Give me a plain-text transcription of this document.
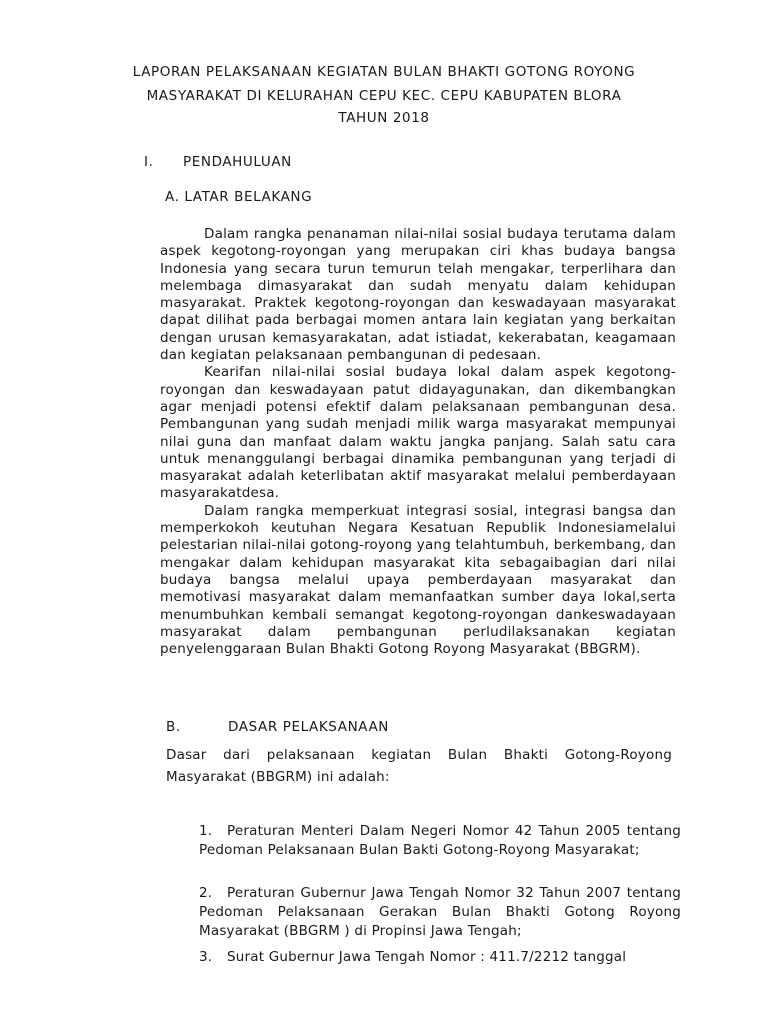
LAPORAN PELAKSANAAN KEGIATAN BULAN BHAKTI GOTONG ROYONG
MASYARAKAT DI KELURAHAN CEPU KEC. CEPU KABUPATEN BLORA
TAHUN 2018
I. PENDAHULUAN
A. LATAR BELAKANG

Dalam rangka penanaman nilai-nilai sosial budaya terutama dalam aspek kegotong-royongan yang merupakan ciri khas budaya bangsa Indonesia yang secara turun temurun telah mengakar, terperlihara dan melembaga dimasyarakat dan sudah menyatu dalam kehidupan masyarakat. Praktek kegotong-royongan dan keswadayaan masyarakat dapat dilihat pada berbagai momen antara lain kegiatan yang berkaitan dengan urusan kemasyarakatan, adat istiadat, kekerabatan, keagamaan dan kegiatan pelaksanaan pembangunan di pedesaan.

Kearifan nilai-nilai sosial budaya lokal dalam aspek kegotong-royongan dan keswadayaan patut didayagunakan, dan dikembangkan agar menjadi potensi efektif dalam pelaksanaan pembangunan desa. Pembangunan yang sudah menjadi milik warga masyarakat mempunyai nilai guna dan manfaat dalam waktu jangka panjang. Salah satu cara untuk menanggulangi berbagai dinamika pembangunan yang terjadi di masyarakat adalah keterlibatan aktif masyarakat melalui pemberdayaan masyarakatdesa.

Dalam rangka memperkuat integrasi sosial, integrasi bangsa dan memperkokoh keutuhan Negara Kesatuan Republik Indonesiamelalui pelestarian nilai-nilai gotong-royong yang telahtumbuh, berkembang, dan mengakar dalam kehidupan masyarakat kita sebagaibagian dari nilai budaya bangsa melalui upaya pemberdayaan masyarakat dan memotivasi masyarakat dalam memanfaatkan sumber daya lokal,serta menumbuhkan kembali semangat kegotong-royongan dankeswadayaan masyarakat dalam pembangunan perludilaksanakan kegiatan penyelenggaraan Bulan Bhakti Gotong Royong Masyarakat (BBGRM).

B.	DASAR PELAKSANAAN
Dasar dari pelaksanaan kegiatan Bulan Bhakti Gotong-Royong Masyarakat (BBGRM) ini adalah:
1. Peraturan Menteri Dalam Negeri Nomor 42 Tahun 2005 tentang Pedoman Pelaksanaan Bulan Bakti Gotong-Royong Masyarakat;
2. Peraturan Gubernur Jawa Tengah Nomor 32 Tahun 2007 tentang Pedoman Pelaksanaan Gerakan Bulan Bhakti Gotong Royong Masyarakat (BBGRM ) di Propinsi Jawa Tengah;
3. Surat Gubernur Jawa Tengah Nomor : 411.7/2212 tanggal
